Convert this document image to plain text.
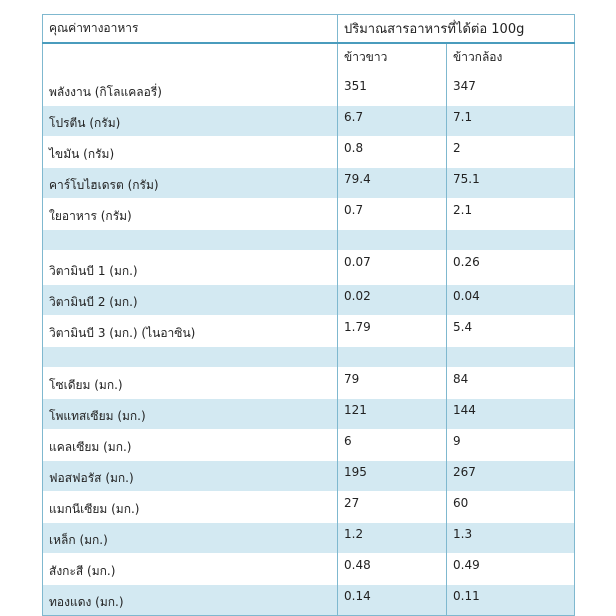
คุณค่าทางอาหาร	ปริมาณสารอาหารที่ได้ต่อ 100g	
	ข้าวขาว	ข้าวกล้อง
พลังงาน (กิโลแคลอรี่)	351	347
โปรตีน (กรัม)	6.7	7.1
ไขมัน (กรัม)	0.8	2
คาร์โบไฮเดรต (กรัม)	79.4	75.1
ใยอาหาร (กรัม)	0.7	2.1

วิตามินบี 1 (มก.)	0.07	0.26
วิตามินบี 2 (มก.)	0.02	0.04
วิตามินบี 3 (มก.) (ไนอาซิน)	1.79	5.4

โซเดียม (มก.)	79	84
โพแทสเซียม (มก.)	121	144
แคลเซียม (มก.)	6	9
ฟอสฟอรัส (มก.)	195	267
แมกนีเซียม (มก.)	27	60
เหล็ก (มก.)	1.2	1.3
สังกะสี (มก.)	0.48	0.49
ทองแดง (มก.)	0.14	0.11
